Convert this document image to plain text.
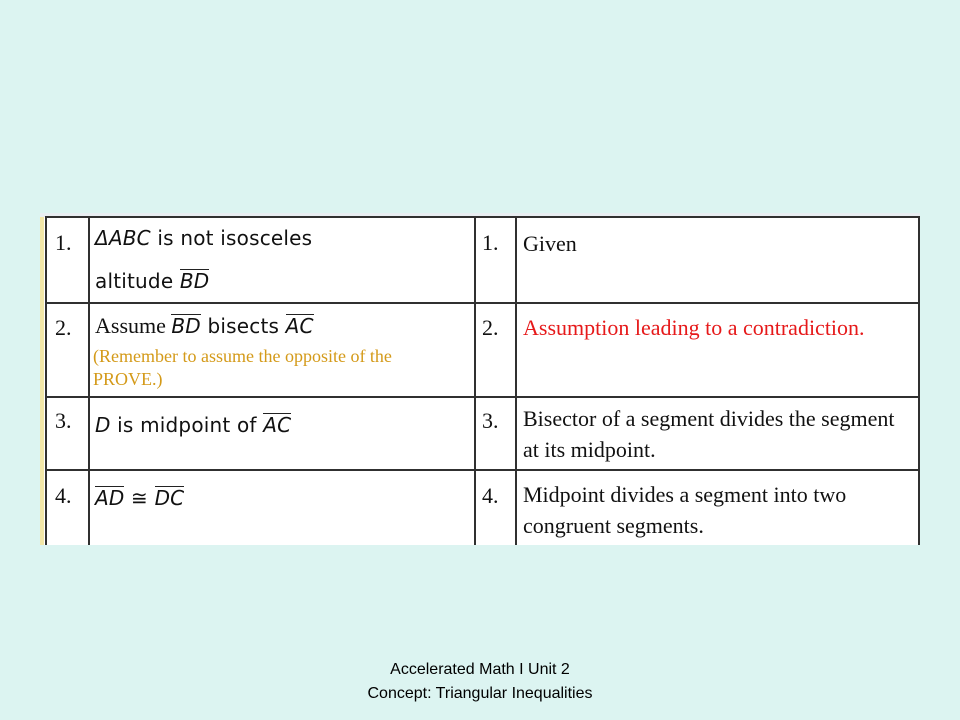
1. ΔABC is not isosceles
altitude BD
1. Given
2. Assume BD bisects AC
(Remember to assume the opposite of the PROVE.)
2. Assumption leading to a contradiction.
3. D is midpoint of AC	3. Bisector of a segment divides the segment at its midpoint.
4. AD ≅ DC	4. Midpoint divides a segment into two congruent segments.
Accelerated Math I Unit 2
Concept: Triangular Inequalities
